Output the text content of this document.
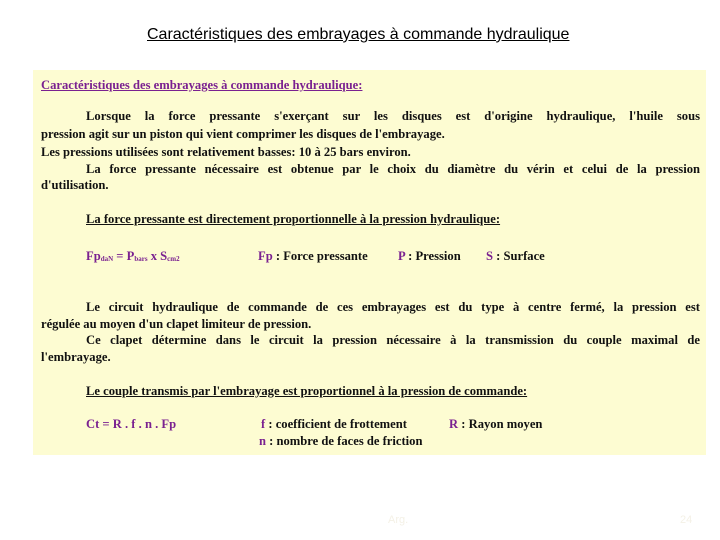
Caractéristiques des embrayages à commande hydraulique
Caractéristiques des embrayages à commande hydraulique:
Lorsque la force pressante s'exerçant sur les disques est d'origine hydraulique, l'huile sous
pression agit sur un piston qui vient comprimer les disques de l'embrayage.
Les pressions utilisées sont relativement basses: 10 à 25 bars environ.
La force pressante nécessaire est obtenue par le choix du diamètre du vérin et celui de la pression
d'utilisation.
La force pressante est directement proportionnelle à la pression hydraulique:
FpdaN = Pbars x Scm2	Fp : Force pressante P : Pression S : Surface
Le circuit hydraulique de commande de ces embrayages est du type à centre fermé, la pression est
régulée au moyen d'un clapet limiteur de pression.
Ce clapet détermine dans le circuit la pression nécessaire à la transmission du couple maximal de
l'embrayage.
Le couple transmis par l'embrayage est proportionnel à la pression de commande:
Ct = R . f . n . Fp	f : coefficient de frottement	R : Rayon moyen
n : nombre de faces de friction
Arg.	24
